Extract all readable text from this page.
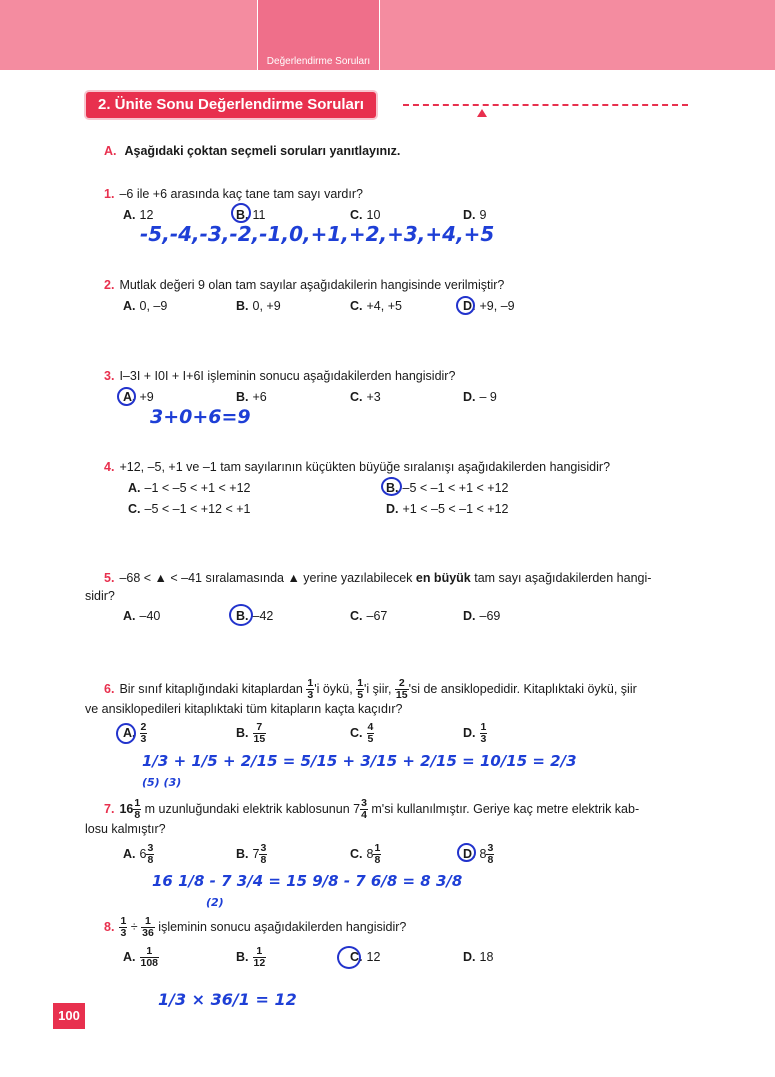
Değerlendirme Soruları
2. Ünite Sonu Değerlendirme Soruları
A. Aşağıdaki çoktan seçmeli soruları yanıtlayınız.
1. –6 ile +6 arasında kaç tane tam sayı vardır?
A. 12	B. 11	C. 10	D. 9
-5,-4,-3,-2,-1,0,+1,+2,+3,+4,+5
2. Mutlak değeri 9 olan tam sayılar aşağıdakilerin hangisinde verilmiştir?
A. 0, –9	B. 0, +9	C. +4, +5	D. +9, –9
3. I–3I + I0I + I+6I işleminin sonucu aşağıdakilerden hangisidir?
A. +9	B. +6	C. +3	D. – 9
3+0+6=9
4. +12, –5, +1 ve –1 tam sayılarının küçükten büyüğe sıralanışı aşağıdakilerden hangisidir?
A. –1 < –5 < +1 < +12	B. –5 < –1 < +1 < +12
C. –5 < –1 < +12 < +1	D. +1 < –5 < –1 < +12
5. –68 < ▲ < –41 sıralamasında ▲ yerine yazılabilecek en büyük tam sayı aşağıdakilerden hangi-
sidir?
A. –40	B. –42	C. –67	D. –69
6. Bir sınıf kitaplığındaki kitaplardan $\frac{1}{3}$ 'i öykü, $\frac{1}{5}$ 'i şiir, $\frac{2}{15}$ 'si de ansiklopedidir. Kitaplıktaki öykü, şiir
ve ansiklopedileri kitaplıktaki tüm kitapların kaçta kaçıdır?
A. $\frac{2}{3}$	B. $\frac{7}{15}$	C. $\frac{4}{5}$	D. $\frac{1}{3}$
1/3 + 1/5 + 2/15 = 5/15 + 3/15 + 2/15 = 10/15 = 2/3
(5) (3)
7. $16 \frac{1}{8}$ m uzunluğundaki elektrik kablosunun $7 \frac{3}{4} m'si$ kullanılmıştır. Geriye kaç metre elektrik kab-
losu kalmıştır?
A. $6 \frac{3}{8}$	B. $7 \frac{3}{8}$	C. $8 \frac{1}{8}$	D. $8 \frac{3}{8}$
16 1/8 - 7 3/4 = 15 9/8 - 7 6/8 = 8 3/8
(2)
8. $\frac{1}{3} \div \frac{1}{36}$ işleminin sonucu aşağıdakilerden hangisidir?
A. $\frac{1}{108}$	B. $\frac{1}{12}$	C. 12	D. 18
1/3 × 36/1 = 12
100
